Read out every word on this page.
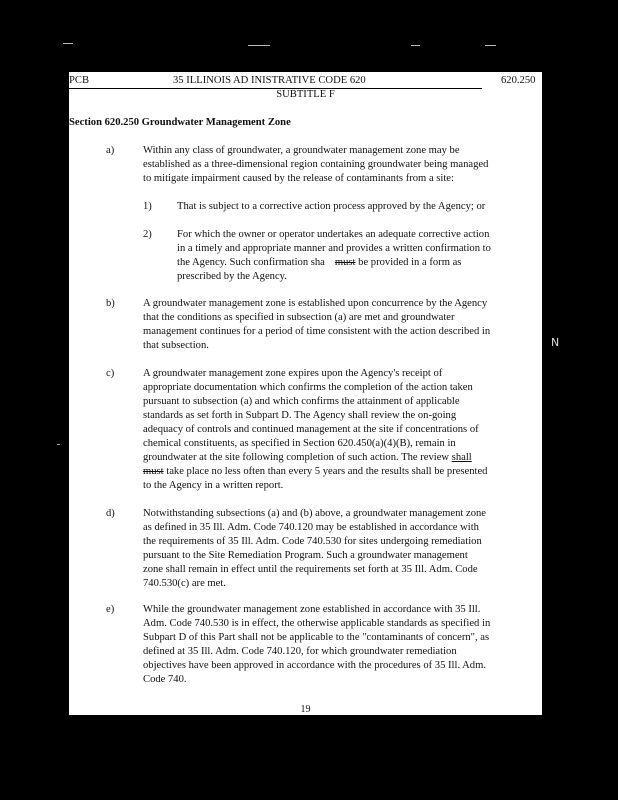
PCB	35 ILLINOIS AD INISTRATIVE CODE 620	620.250
SUBTITLE F
Section 620.250 Groundwater Management Zone
a)	Within any class of groundwater, a groundwater management zone may be
established as a three-dimensional region containing groundwater being managed
to mitigate impairment caused by the release of contaminants from a site:
1) That is subject to a corrective action process approved by the Agency; or
2) For which the owner or operator undertakes an adequate corrective action
in a timely and appropriate manner and provides a written confirmation to
the Agency. Such confirmation sha must be provided in a form as
prescribed by the Agency.
b)	A groundwater management zone is established upon concurrence by the Agency
that the conditions as specified in subsection (a) are met and groundwater
management continues for a period of time consistent with the action described in
that subsection.
c)	A groundwater management zone expires upon the Agency's receipt of
appropriate documentation which confirms the completion of the action taken
pursuant to subsection (a) and which confirms the attainment of applicable
standards as set forth in Subpart D. The Agency shall review the on-going
adequacy of controls and continued management at the site if concentrations of
chemical constituents, as specified in Section 620.450(a)(4)(B), remain in
groundwater at the site following completion of such action. The review shall
must take place no less often than every 5 years and the results shall be presented
to the Agency in a written report.
d)	Notwithstanding subsections (a) and (b) above, a groundwater management zone
as defined in 35 Ill. Adm. Code 740.120 may be established in accordance with
the requirements of 35 Ill. Adm. Code 740.530 for sites undergoing remediation
pursuant to the Site Remediation Program. Such a groundwater management
zone shall remain in effect until the requirements set forth at 35 Ill. Adm. Code
740.530(c) are met.
e)	While the groundwater management zone established in accordance with 35 Ill.
Adm. Code 740.530 is in effect, the otherwise applicable standards as specified in
Subpart D of this Part shall not be applicable to the "contaminants of concern", as
defined at 35 Ill. Adm. Code 740.120, for which groundwater remediation
objectives have been approved in accordance with the procedures of 35 Ill. Adm.
Code 740.
19
N
